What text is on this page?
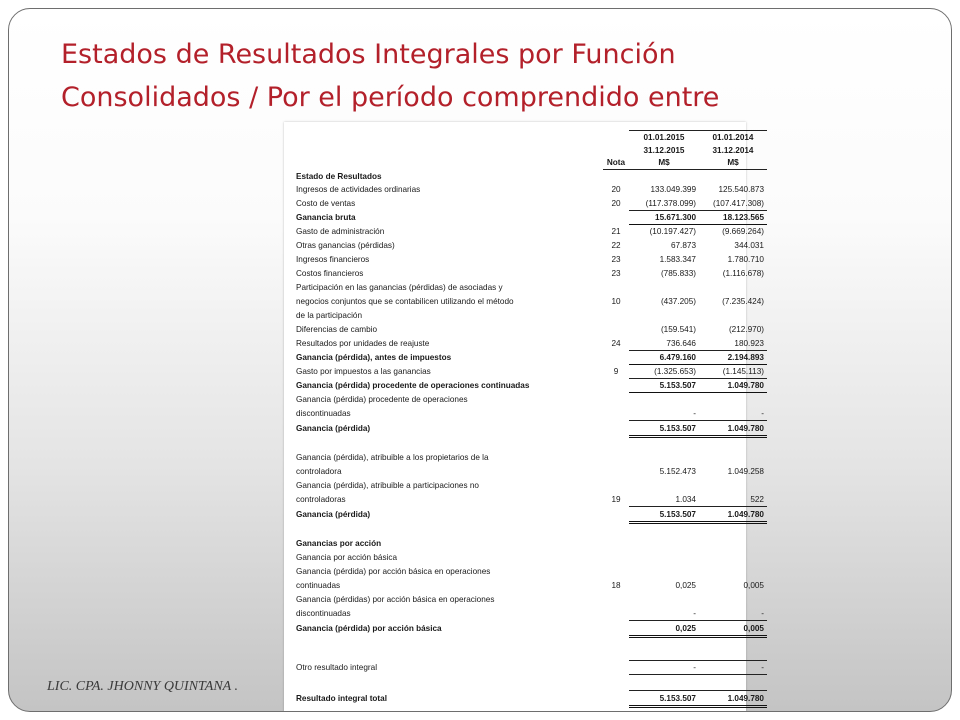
Estados de Resultados Integrales por Función
Consolidados / Por el período comprendido entre
		01.01.2015	01.01.2014
		31.12.2015	31.12.2014
	Nota	M$	M$
Estado de Resultados			
Ingresos de actividades ordinarias	20	133.049.399	125.540.873
Costo de ventas	20	(117.378.099)	(107.417.308)
Ganancia bruta		15.671.300	18.123.565
Gasto de administración	21	(10.197.427)	(9.669.264)
Otras ganancias (pérdidas)	22	67.873	344.031
Ingresos financieros	23	1.583.347	1.780.710
Costos financieros	23	(785.833)	(1.116.678)
Participación en las ganancias (pérdidas) de asociadas y			
negocios conjuntos que se contabilicen utilizando el método	10	(437.205)	(7.235.424)
de la participación			
Diferencias de cambio		(159.541)	(212.970)
Resultados por unidades de reajuste	24	736.646	180.923
Ganancia (pérdida), antes de impuestos		6.479.160	2.194.893
Gasto por impuestos a las ganancias	9	(1.325.653)	(1.145.113)
Ganancia (pérdida) procedente de operaciones continuadas		5.153.507	1.049.780
Ganancia (pérdida) procedente de operaciones			
discontinuadas		-	-
Ganancia (pérdida)		5.153.507	1.049.780

Ganancia (pérdida), atribuible a los propietarios de la			
controladora		5.152.473	1.049.258
Ganancia (pérdida), atribuible a participaciones no			
controladoras	19	1.034	522
Ganancia (pérdida)		5.153.507	1.049.780

Ganancias por acción			
Ganancia por acción básica			
Ganancia (pérdida) por acción básica en operaciones			
continuadas	18	0,025	0,005
Ganancia (pérdidas) por acción básica en operaciones			
discontinuadas		-	-
Ganancia (pérdida) por acción básica		0,025	0,005

Otro resultado integral		-	-

Resultado integral total		5.153.507	1.049.780
LIC. CPA. JHONNY QUINTANA .
